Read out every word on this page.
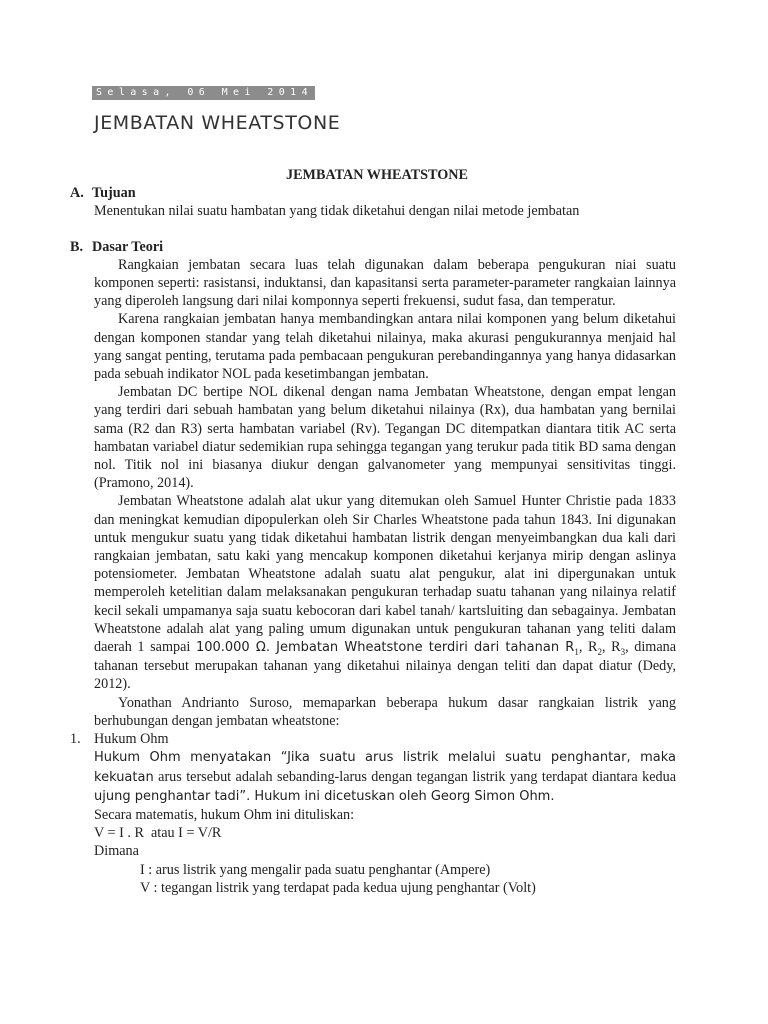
Selasa, 06 Mei 2014
JEMBATAN WHEATSTONE
JEMBATAN WHEATSTONE
A. Tujuan
Menentukan nilai suatu hambatan yang tidak diketahui dengan nilai metode jembatan
B. Dasar Teori

Rangkaian jembatan secara luas telah digunakan dalam beberapa pengukuran niai suatu komponen seperti: rasistansi, induktansi, dan kapasitansi serta parameter-parameter rangkaian lainnya yang diperoleh langsung dari nilai komponnya seperti frekuensi, sudut fasa, dan temperatur.

Karena rangkaian jembatan hanya membandingkan antara nilai komponen yang belum diketahui dengan komponen standar yang telah diketahui nilainya, maka akurasi pengukurannya menjaid hal yang sangat penting, terutama pada pembacaan pengukuran perebandingannya yang hanya didasarkan pada sebuah indikator NOL pada kesetimbangan jembatan.

Jembatan DC bertipe NOL dikenal dengan nama Jembatan Wheatstone, dengan empat lengan yang terdiri dari sebuah hambatan yang belum diketahui nilainya (Rx), dua hambatan yang bernilai sama (R2 dan R3) serta hambatan variabel (Rv). Tegangan DC ditempatkan diantara titik AC serta hambatan variabel diatur sedemikian rupa sehingga tegangan yang terukur pada titik BD sama dengan nol. Titik nol ini biasanya diukur dengan galvanometer yang mempunyai sensitivitas tinggi. (Pramono, 2014).

Jembatan Wheatstone adalah alat ukur yang ditemukan oleh Samuel Hunter Christie pada 1833 dan meningkat kemudian dipopulerkan oleh Sir Charles Wheatstone pada tahun 1843. Ini digunakan untuk mengukur suatu yang tidak diketahui hambatan listrik dengan menyeimbangkan dua kali dari rangkaian jembatan, satu kaki yang mencakup komponen diketahui kerjanya mirip dengan aslinya potensiometer. Jembatan Wheatstone adalah suatu alat pengukur, alat ini dipergunakan untuk memperoleh ketelitian dalam melaksanakan pengukuran terhadap suatu tahanan yang nilainya relatif kecil sekali umpamanya saja suatu kebocoran dari kabel tanah/ kartsluiting dan sebagainya. Jembatan Wheatstone adalah alat yang paling umum digunakan untuk pengukuran tahanan yang teliti dalam daerah 1 sampai 100.000 Ω. Jembatan Wheatstone terdiri dari tahanan $R_1$, $R_2$, $R_3$, dimana tahanan tersebut merupakan tahanan yang diketahui nilainya dengan teliti dan dapat diatur (Dedy, 2012).

Yonathan Andrianto Suroso, memaparkan beberapa hukum dasar rangkaian listrik yang berhubungan dengan jembatan wheatstone:

1. Hukum Ohm

Hukum Ohm menyatakan “Jika suatu arus listrik melalui suatu penghantar, maka kekuatan arus tersebut adalah sebanding-larus dengan tegangan listrik yang terdapat diantara kedua ujung penghantar tadi”. Hukum ini dicetuskan oleh Georg Simon Ohm.

Secara matematis, hukum Ohm ini dituliskan:
V = I . R  atau I = V/R
Dimana
I : arus listrik yang mengalir pada suatu penghantar (Ampere)
V : tegangan listrik yang terdapat pada kedua ujung penghantar (Volt)
